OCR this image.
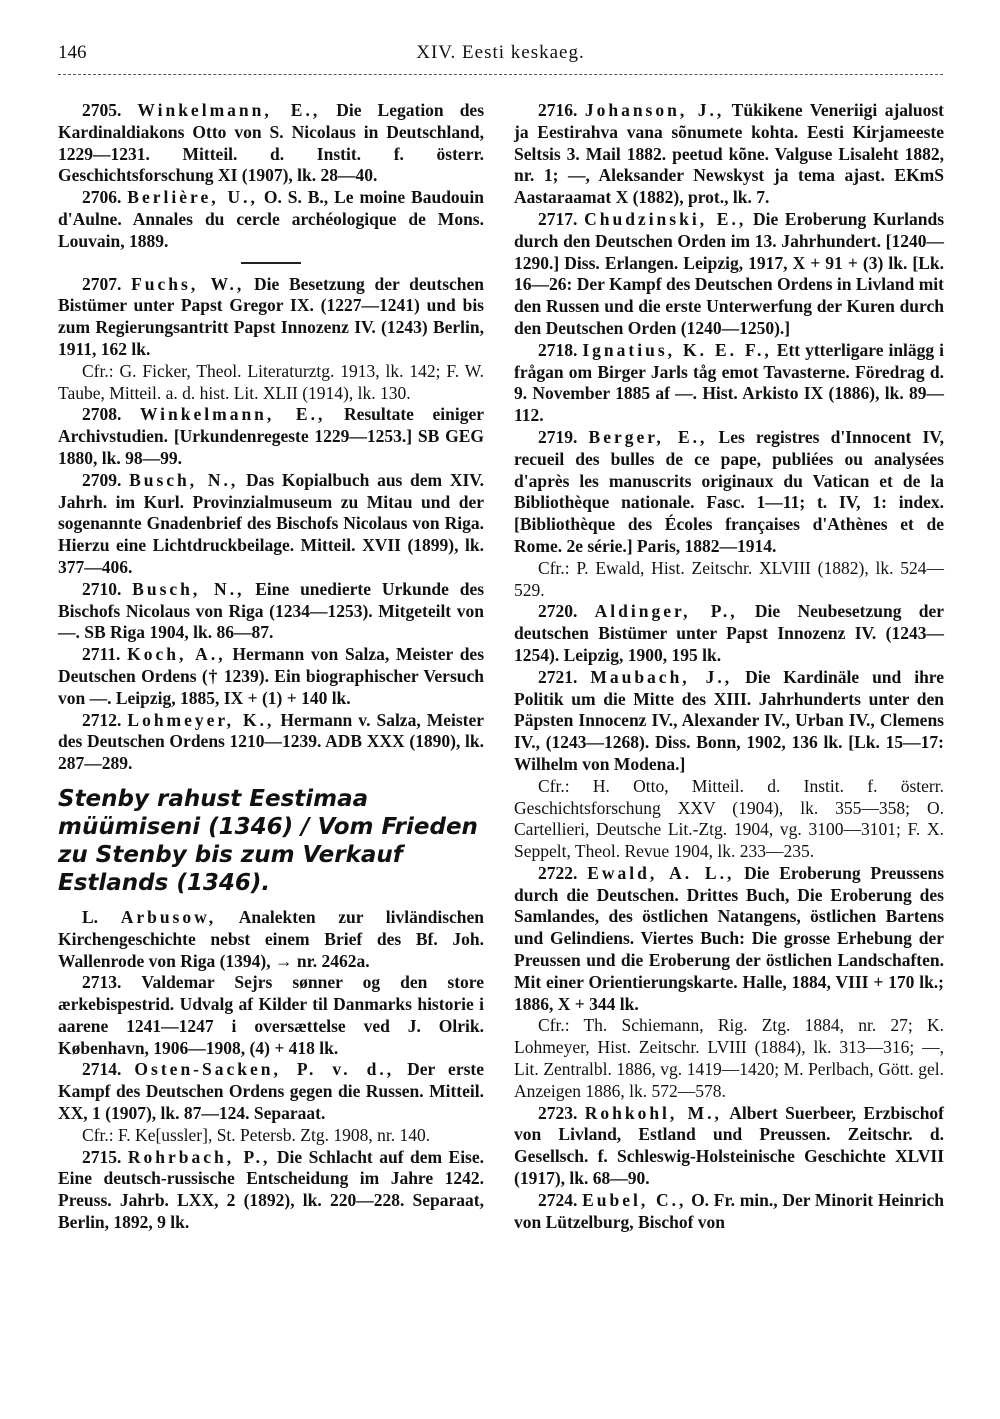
146	XIV. Eesti keskaeg.

2705. Winkelmann, E., Die Legation des Kardinaldiakons Otto von S. Nicolaus in Deutschland, 1229—1231. Mitteil. d. Instit. f. österr. Geschichtsforschung XI (1907), lk. 28—40.

2706. Berlière, U., O. S. B., Le moine Baudouin d'Aulne. Annales du cercle archéologique de Mons. Louvain, 1889.

2707. Fuchs, W., Die Besetzung der deutschen Bistümer unter Papst Gregor IX. (1227—1241) und bis zum Regierungsantritt Papst Innozenz IV. (1243) Berlin, 1911, 162 lk.

Cfr.: G. Ficker, Theol. Literaturztg. 1913, lk. 142; F. W. Taube, Mitteil. a. d. hist. Lit. XLII (1914), lk. 130.

2708. Winkelmann, E., Resultate einiger Archivstudien. [Urkundenregeste 1229—1253.] SB GEG 1880, lk. 98—99.

2709. Busch, N., Das Kopialbuch aus dem XIV. Jahrh. im Kurl. Provinzialmuseum zu Mitau und der sogenannte Gnadenbrief des Bischofs Nicolaus von Riga. Hierzu eine Lichtdruckbeilage. Mitteil. XVII (1899), lk. 377—406.

2710. Busch, N., Eine unedierte Urkunde des Bischofs Nicolaus von Riga (1234—1253). Mitgeteilt von —. SB Riga 1904, lk. 86—87.

2711. Koch, A., Hermann von Salza, Meister des Deutschen Ordens († 1239). Ein biographischer Versuch von —. Leipzig, 1885, IX + (1) + 140 lk.

2712. Lohmeyer, K., Hermann v. Salza, Meister des Deutschen Ordens 1210—1239. ADB XXX (1890), lk. 287—289.

Stenby rahust Eestimaa müümiseni (1346) / Vom Frieden zu Stenby bis zum Verkauf Estlands (1346).

L. Arbusow, Analekten zur livländischen Kirchengeschichte nebst einem Brief des Bf. Joh. Wallenrode von Riga (1394), → nr. 2462a.

2713. Valdemar Sejrs sønner og den store ærkebispestrid. Udvalg af Kilder til Danmarks historie i aarene 1241—1247 i oversættelse ved J. Olrik. København, 1906—1908, (4) + 418 lk.

2714. Osten-Sacken, P. v. d., Der erste Kampf des Deutschen Ordens gegen die Russen. Mitteil. XX, 1 (1907), lk. 87—124. Separaat.

Cfr.: F. Ke[ussler], St. Petersb. Ztg. 1908, nr. 140.

2715. Rohrbach, P., Die Schlacht auf dem Eise. Eine deutsch-russische Entscheidung im Jahre 1242. Preuss. Jahrb. LXX, 2 (1892), lk. 220—228. Separaat, Berlin, 1892, 9 lk.

2716. Johanson, J., Tükikene Veneriigi ajaluost ja Eestirahva vana sõnumete kohta. Eesti Kirjameeste Seltsis 3. Mail 1882. peetud kõne. Valguse Lisaleht 1882, nr. 1; —, Aleksander Newskyst ja tema ajast. EKmS Aastaraamat X (1882), prot., lk. 7.

2717. Chudzinski, E., Die Eroberung Kurlands durch den Deutschen Orden im 13. Jahrhundert. [1240—1290.] Diss. Erlangen. Leipzig, 1917, X + 91 + (3) lk. [Lk. 16—26: Der Kampf des Deutschen Ordens in Livland mit den Russen und die erste Unterwerfung der Kuren durch den Deutschen Orden (1240—1250).]

2718. Ignatius, K. E. F., Ett ytterligare inlägg i frågan om Birger Jarls tåg emot Tavasterne. Föredrag d. 9. November 1885 af —. Hist. Arkisto IX (1886), lk. 89—112.

2719. Berger, E., Les registres d'Innocent IV, recueil des bulles de ce pape, publiées ou analysées d'après les manuscrits originaux du Vatican et de la Bibliothèque nationale. Fasc. 1—11; t. IV, 1: index. [Bibliothèque des Écoles françaises d'Athènes et de Rome. 2e série.] Paris, 1882—1914.

Cfr.: P. Ewald, Hist. Zeitschr. XLVIII (1882), lk. 524—529.

2720. Aldinger, P., Die Neubesetzung der deutschen Bistümer unter Papst Innozenz IV. (1243—1254). Leipzig, 1900, 195 lk.

2721. Maubach, J., Die Kardinäle und ihre Politik um die Mitte des XIII. Jahrhunderts unter den Päpsten Innocenz IV., Alexander IV., Urban IV., Clemens IV., (1243—1268). Diss. Bonn, 1902, 136 lk. [Lk. 15—17: Wilhelm von Modena.]

Cfr.: H. Otto, Mitteil. d. Instit. f. österr. Geschichtsforschung XXV (1904), lk. 355—358; O. Cartellieri, Deutsche Lit.-Ztg. 1904, vg. 3100—3101; F. X. Seppelt, Theol. Revue 1904, lk. 233—235.

2722. Ewald, A. L., Die Eroberung Preussens durch die Deutschen. Drittes Buch, Die Eroberung des Samlandes, des östlichen Natangens, östlichen Bartens und Gelindiens. Viertes Buch: Die grosse Erhebung der Preussen und die Eroberung der östlichen Landschaften. Mit einer Orientierungskarte. Halle, 1884, VIII + 170 lk.; 1886, X + 344 lk.

Cfr.: Th. Schiemann, Rig. Ztg. 1884, nr. 27; K. Lohmeyer, Hist. Zeitschr. LVIII (1884), lk. 313—316; —, Lit. Zentralbl. 1886, vg. 1419—1420; M. Perlbach, Gött. gel. Anzeigen 1886, lk. 572—578.

2723. Rohkohl, M., Albert Suerbeer, Erzbischof von Livland, Estland und Preussen. Zeitschr. d. Gesellsch. f. Schleswig-Holsteinische Geschichte XLVII (1917), lk. 68—90.

2724. Eubel, C., O. Fr. min., Der Minorit Heinrich von Lützelburg, Bischof von
